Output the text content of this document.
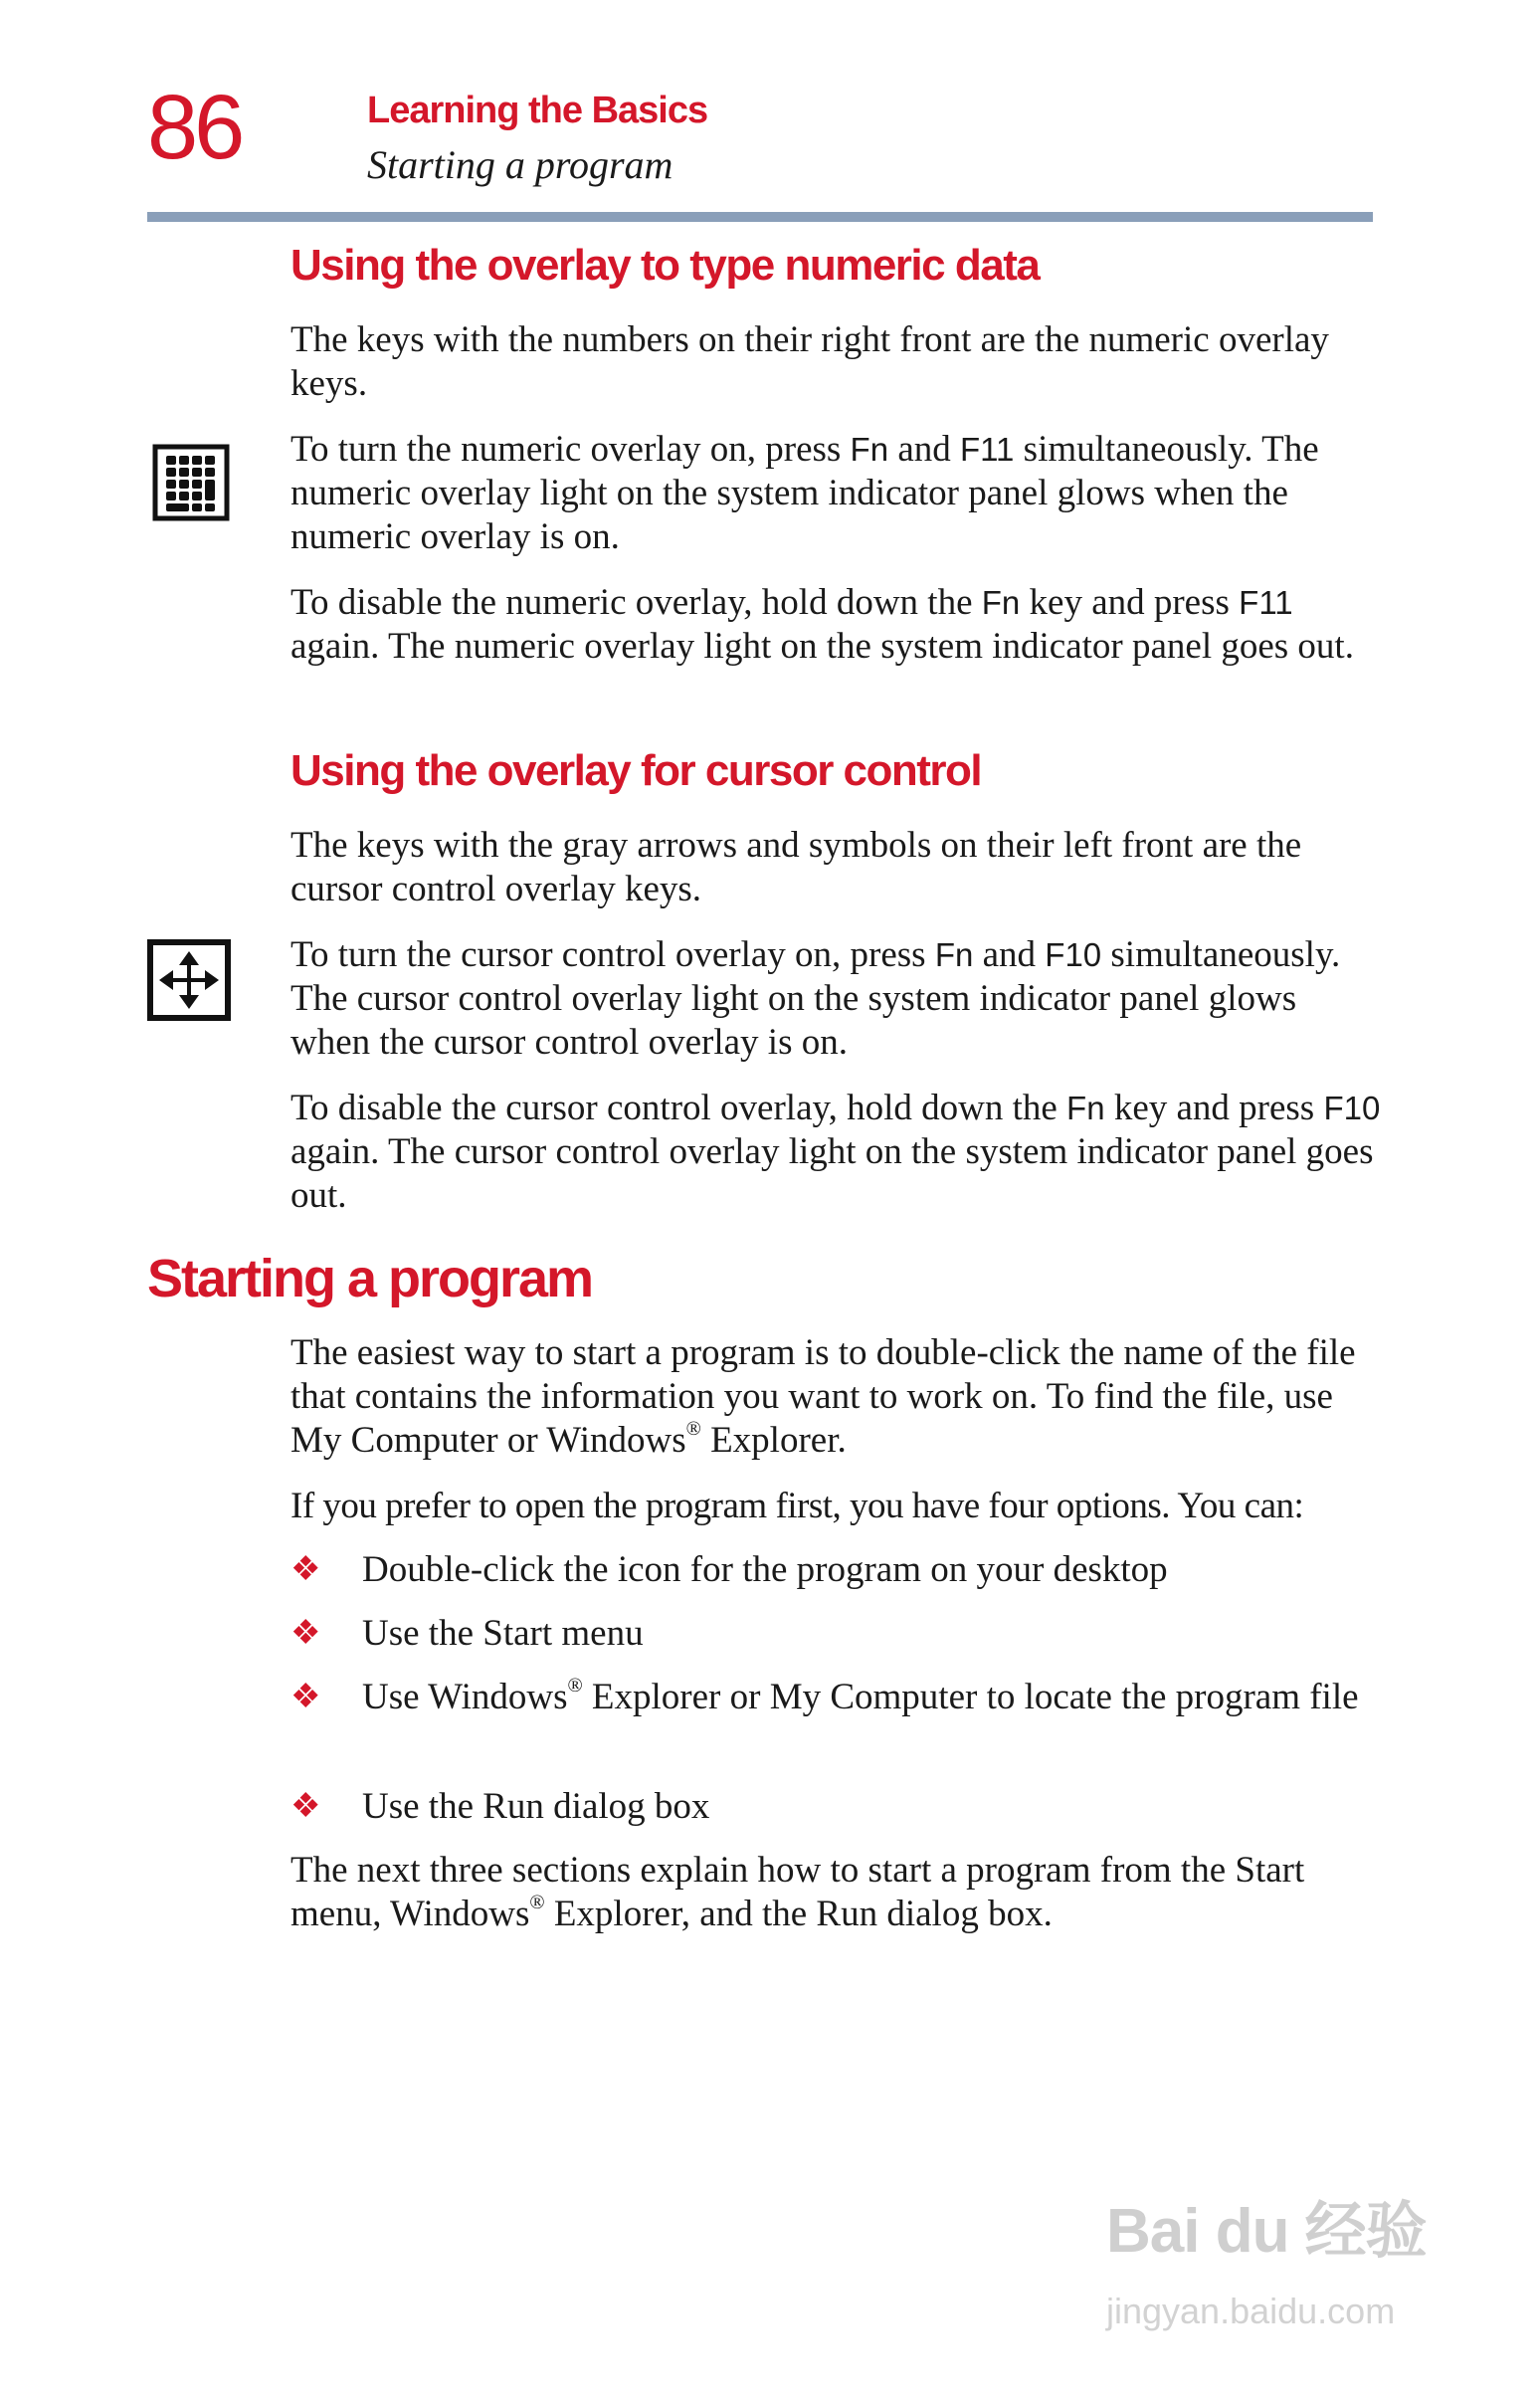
86	Learning the Basics
Starting a program
Using the overlay to type numeric data

The keys with the numbers on their right front are the numeric overlay keys.

To turn the numeric overlay on, press Fn and F11 simultaneously. The numeric overlay light on the system indicator panel glows when the numeric overlay is on.

To disable the numeric overlay, hold down the Fn key and press F11 again. The numeric overlay light on the system indicator panel goes out.

Using the overlay for cursor control

The keys with the gray arrows and symbols on their left front are the cursor control overlay keys.

To turn the cursor control overlay on, press Fn and F10 simultaneously. The cursor control overlay light on the system indicator panel glows when the cursor control overlay is on.

To disable the cursor control overlay, hold down the Fn key and press F10 again. The cursor control overlay light on the system indicator panel goes out.

Starting a program

The easiest way to start a program is to double-click the name of the file that contains the information you want to work on. To find the file, use My Computer or Windows® Explorer.

If you prefer to open the program first, you have four options. You can:

❖ Double-click the icon for the program on your desktop

❖ Use the Start menu

❖ Use Windows® Explorer or My Computer to locate the program file

❖ Use the Run dialog box

The next three sections explain how to start a program from the Start menu, Windows® Explorer, and the Run dialog box.

Bai du 经验
jingyan.baidu.com
